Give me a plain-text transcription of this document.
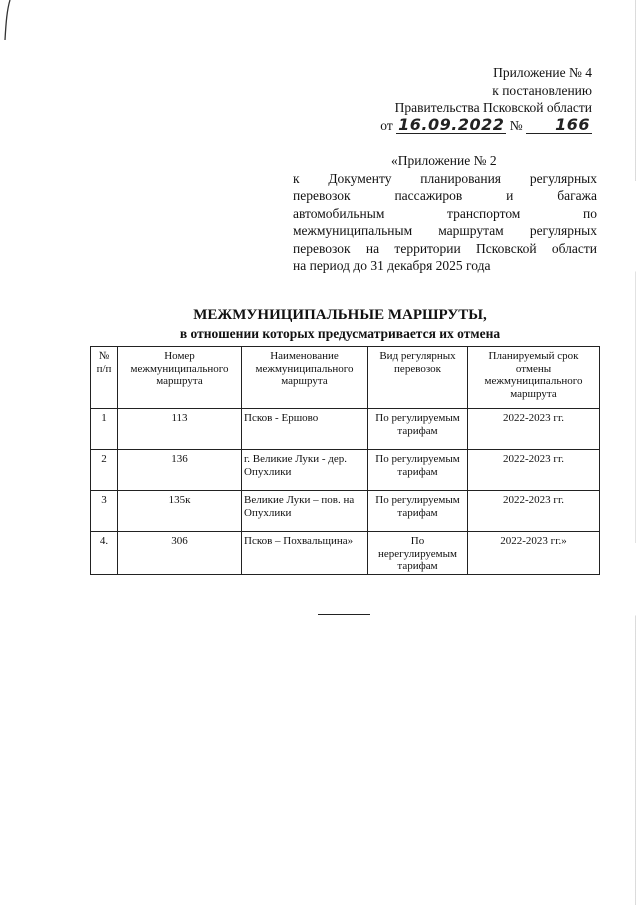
Приложение № 4
к постановлению
Правительства Псковской области
от 16.09.2022 № 166
«Приложение № 2
к Документу планирования регулярных
перевозок пассажиров и багажа
автомобильным транспортом по
межмуниципальным маршрутам регулярных
перевозок на территории Псковской области
на период до 31 декабря 2025 года
МЕЖМУНИЦИПАЛЬНЫЕ МАРШРУТЫ,
в отношении которых предусматривается их отмена
№ п/п	Номер межмуниципального маршрута	Наименование межмуниципального маршрута	Вид регулярных перевозок	Планируемый срок отмены межмуниципального маршрута
1	113	Псков - Ершово	По регулируемым тарифам	2022-2023 гг.
2	136	г. Великие Луки - дер. Опухлики	По регулируемым тарифам	2022-2023 гг.
3	135к	Великие Луки – пов. на Опухлики	По регулируемым тарифам	2022-2023 гг.
4.	306	Псков – Похвальщина»	По нерегулируемым тарифам	2022-2023 гг.»
